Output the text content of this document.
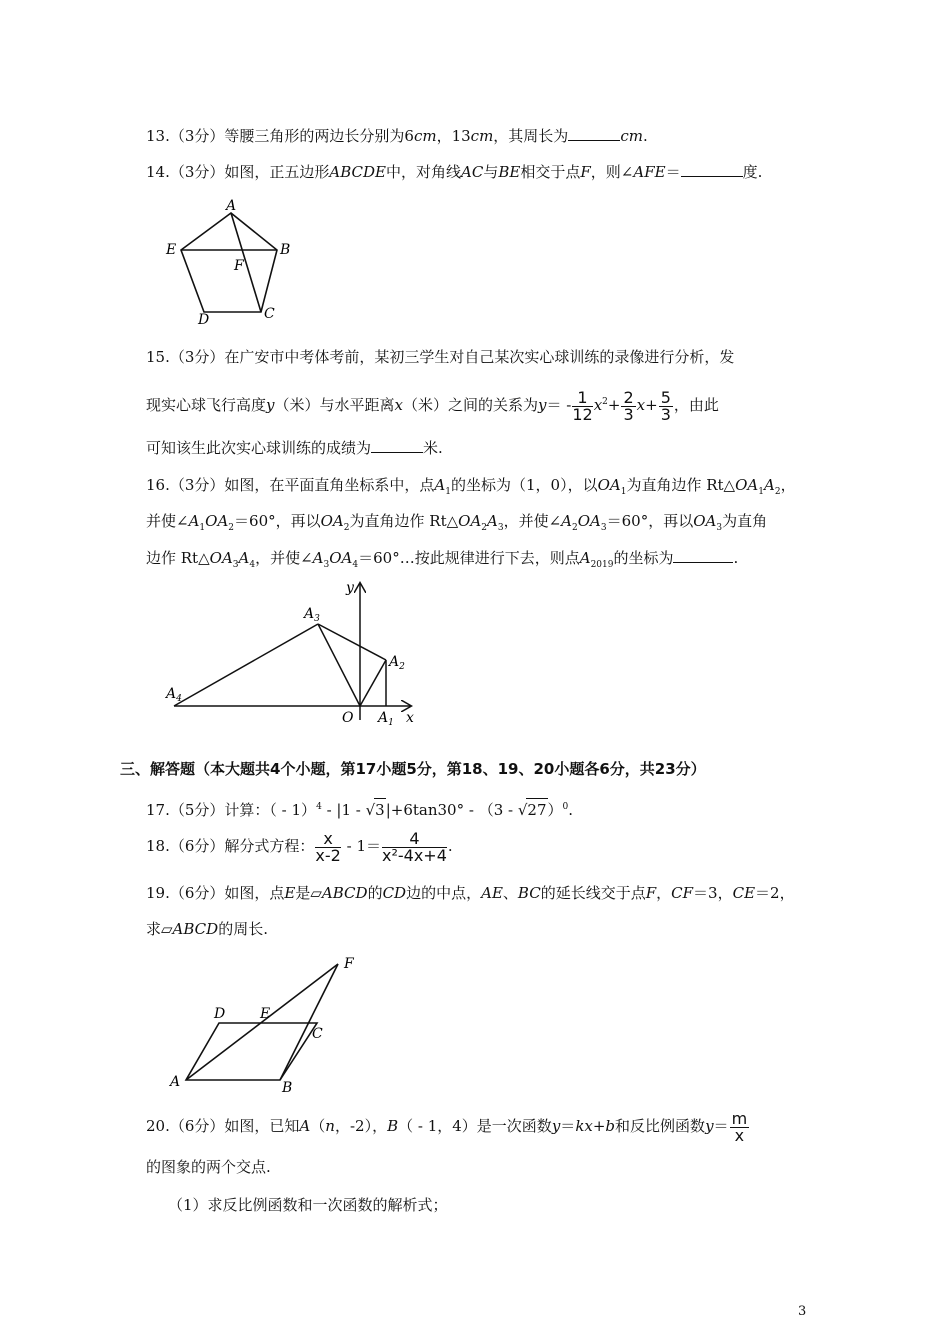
13.（3分）等腰三角形的两边长分别为6cm，13cm，其周长为	cm.
14.（3分）如图，正五边形ABCDE中，对角线AC与BE相交于点F，则∠AFE＝	度.
A
B
C
D
E
F
15.（3分）在广安市中考体考前，某初三学生对自己某次实心球训练的录像进行分析，发
现实心球飞行高度y（米）与水平距离x（米）之间的关系为$y= - \frac{1}{12} x^2+ \frac{2}{3} x+ \frac{5}{3}$ ，由此
可知该生此次实心球训练的成绩为	米.
16.（3分）如图，在平面直角坐标系中，点$A_1$的坐标为（1，0），以$OA_1$为直角边作 $Rt\triangle OA_1A_2$，
并使$\angle A_1OA_2=60^\circ$，再以$OA_2$为直角边作 $Rt\triangle OA_2A_3$，并使$\angle A_2OA_3=60^\circ$，再以$OA_3$为直角
边作 $Rt\triangle OA_3A_4$，并使$\angle A_3OA_4=60^\circ\dots$按此规律进行下去，则点$A_{2019}$的坐标为	.
y
x
O $A_1$
$A_2$
$A_3$
$A_4$
三、解答题（本大题共4个小题，第17小题5分，第18、19、20小题各6分，共23分）
17.（5分）计算：（ - 1）$^4$ - |1 - √3|+6tan30° - （3 - √27）$^0$.
18.（6分）解分式方程： $\frac{x}{x-2} - 1= \frac{4}{\text{x²-4x+4}}$ .
19.（6分）如图，点E是▱ABCD的CD边的中点，AE、BC的延长线交于点F，CF＝3，CE＝2，
求▱ABCD的周长.
A	B
C
D E
F
20.（6分）如图，已知A（n，-2），B（ - 1，4）是一次函数y＝kx+b和反比例函数$y= \frac{m}{x}$
的图象的两个交点.
（1）求反比例函数和一次函数的解析式；
3
